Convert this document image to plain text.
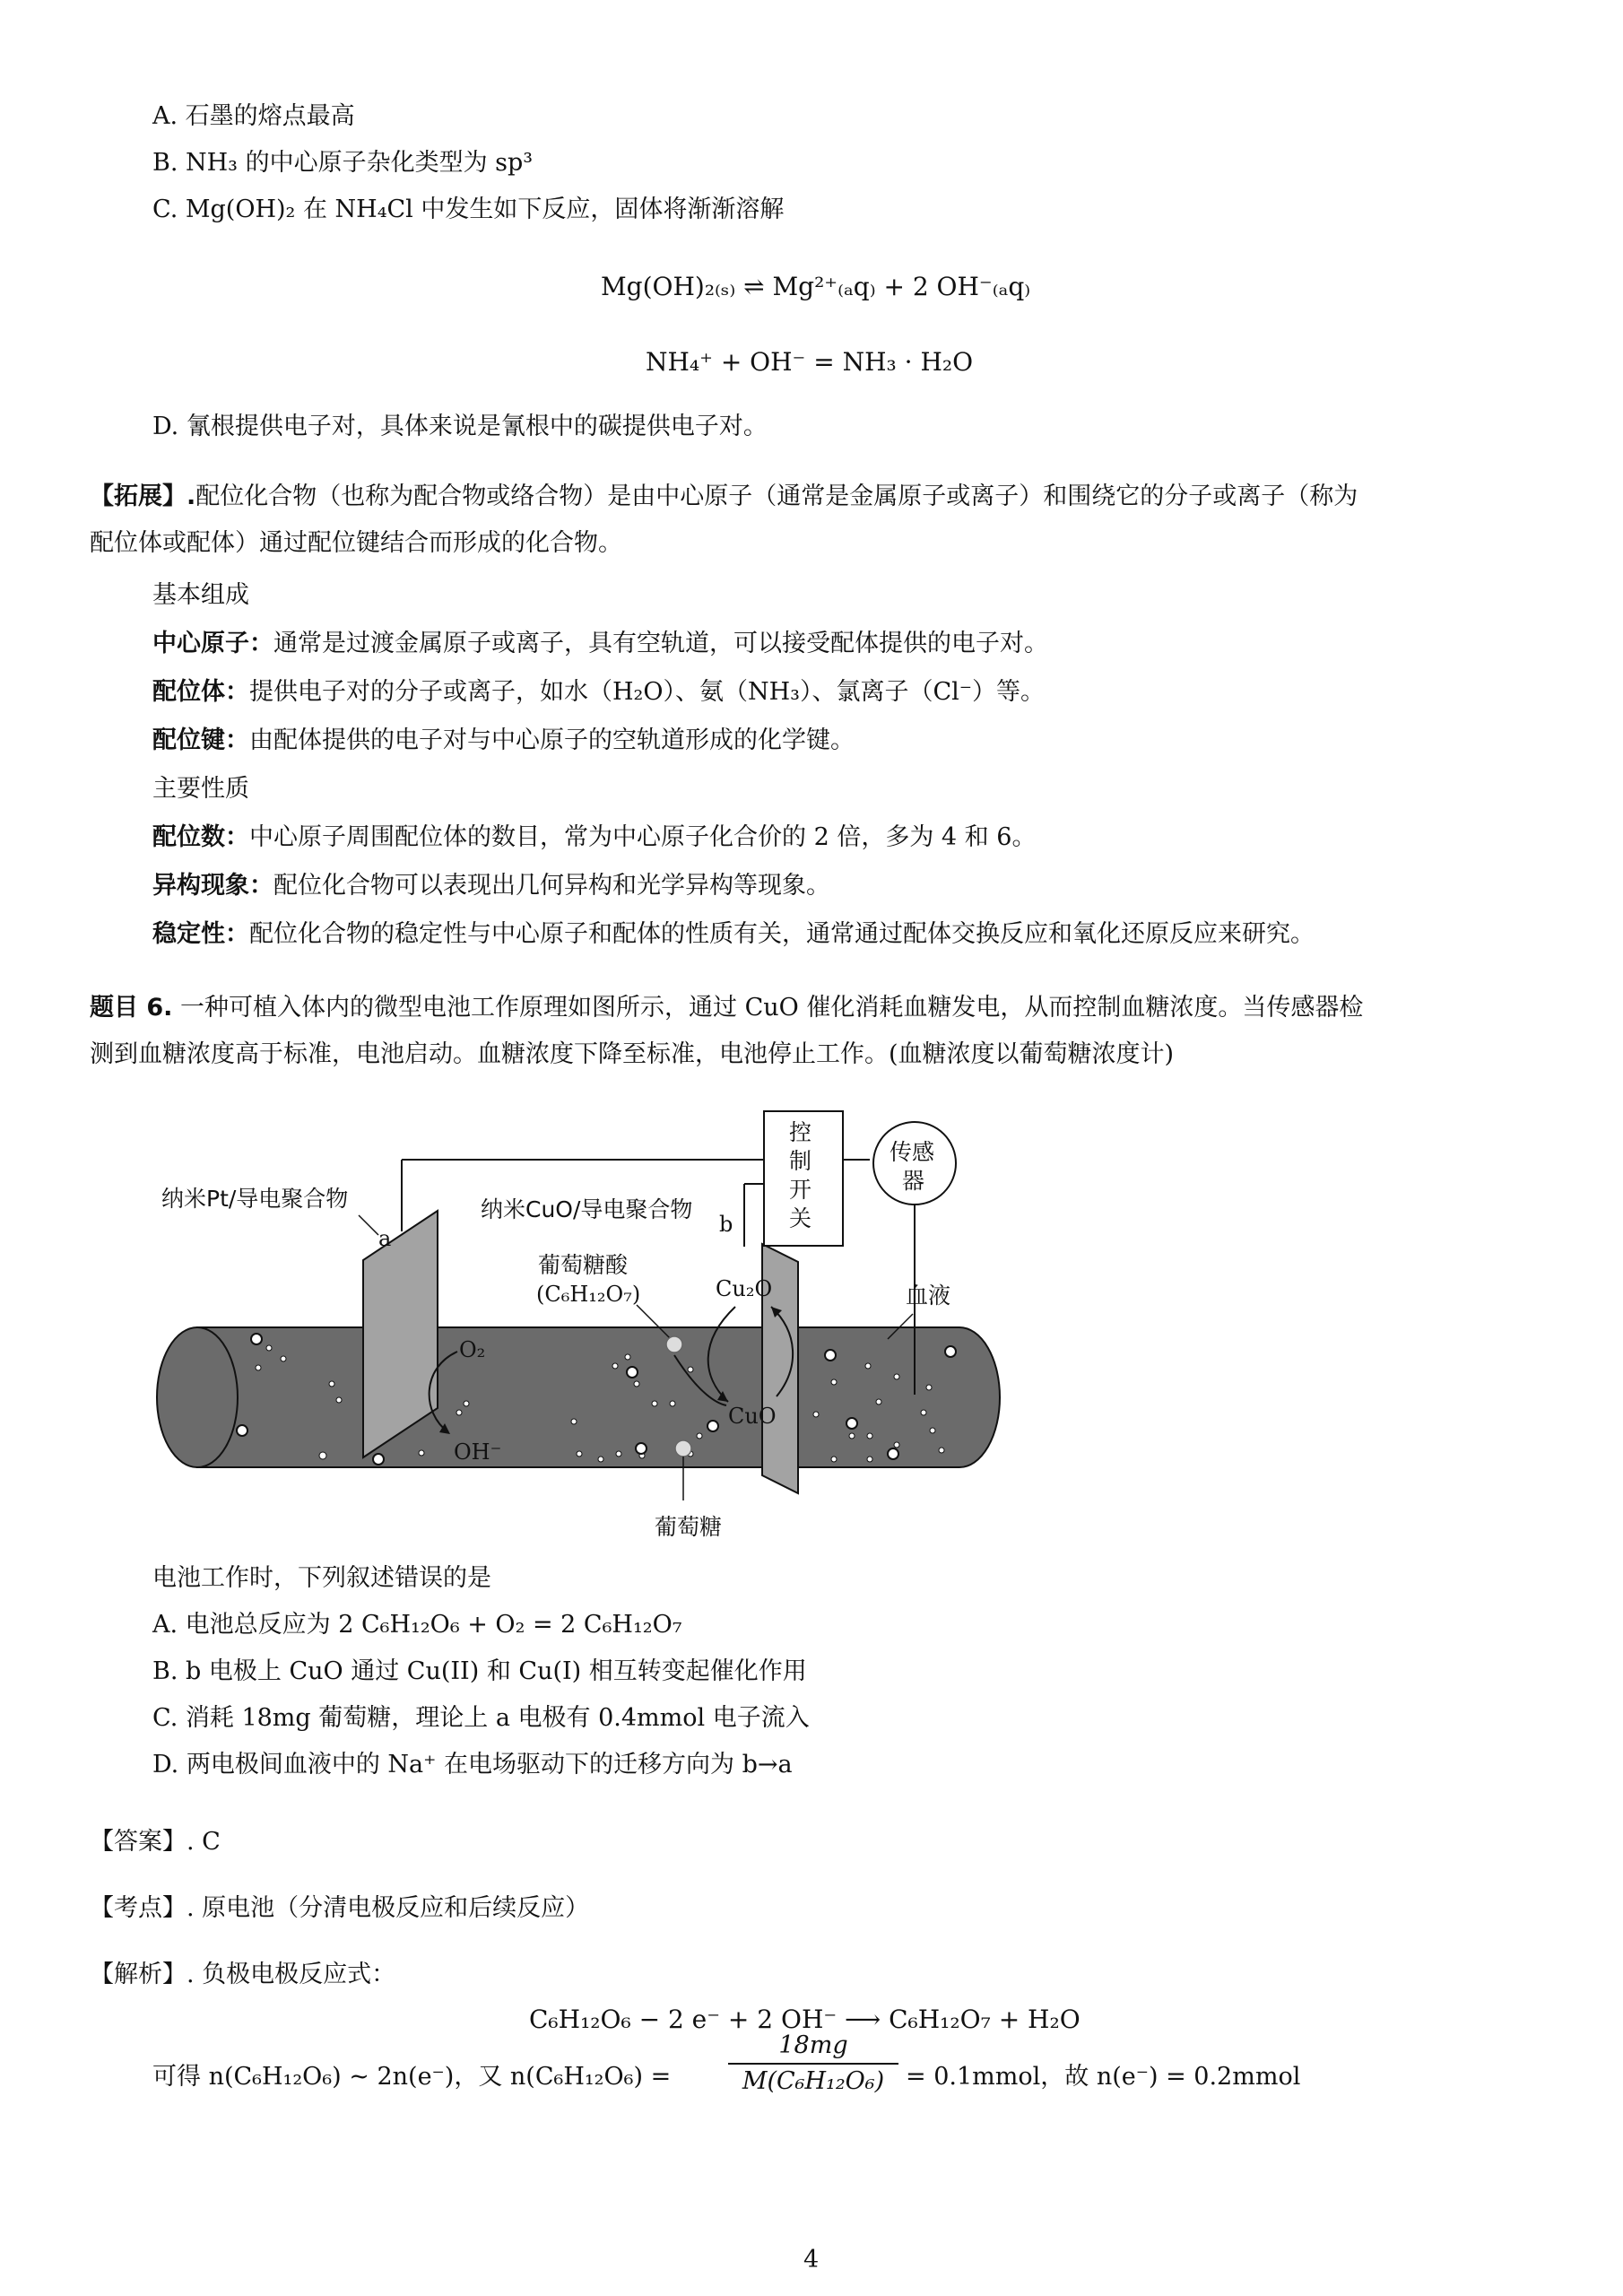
A. 石墨的熔点最高
B. NH₃ 的中心原子杂化类型为 sp³
C. Mg(OH)₂ 在 NH₄Cl 中发生如下反应，固体将渐渐溶解
Mg(OH)₂₍ₛ₎ ⇌ Mg²⁺₍ₐq₎ + 2 OH⁻₍ₐq₎
NH₄⁺ + OH⁻ = NH₃ · H₂O
D. 氰根提供电子对，具体来说是氰根中的碳提供电子对。
【拓展】.配位化合物（也称为配合物或络合物）是由中心原子（通常是金属原子或离子）和围绕它的分子或离子（称为
配位体或配体）通过配位键结合而形成的化合物。
基本组成
中心原子：通常是过渡金属原子或离子，具有空轨道，可以接受配体提供的电子对。
配位体：提供电子对的分子或离子，如水（H₂O）、氨（NH₃）、氯离子（Cl⁻）等。
配位键：由配体提供的电子对与中心原子的空轨道形成的化学键。
主要性质
配位数：中心原子周围配位体的数目，常为中心原子化合价的 2 倍，多为 4 和 6。
异构现象：配位化合物可以表现出几何异构和光学异构等现象。
稳定性：配位化合物的稳定性与中心原子和配体的性质有关，通常通过配体交换反应和氧化还原反应来研究。
题目 6. 一种可植入体内的微型电池工作原理如图所示，通过 CuO 催化消耗血糖发电，从而控制血糖浓度。当传感器检
测到血糖浓度高于标准，电池启动。血糖浓度下降至标准，电池停止工作。(血糖浓度以葡萄糖浓度计)
控
制
开
关
传感
器
纳米Pt/导电聚合物
a
纳米CuO/导电聚合物
b
葡萄糖酸
(C₆H₁₂O₇)	Cu₂O
CuO
葡萄糖
O₂
OH⁻
血液
电池工作时，下列叙述错误的是
A. 电池总反应为 2 C₆H₁₂O₆ + O₂ = 2 C₆H₁₂O₇
B. b 电极上 CuO 通过 Cu(II) 和 Cu(I) 相互转变起催化作用
C. 消耗 18mg 葡萄糖，理论上 a 电极有 0.4mmol 电子流入
D. 两电极间血液中的 Na⁺ 在电场驱动下的迁移方向为 b→a
【答案】. C
【考点】. 原电池（分清电极反应和后续反应）
【解析】. 负极电极反应式：
C₆H₁₂O₆ − 2 e⁻ + 2 OH⁻ ⟶ C₆H₁₂O₇ + H₂O
可得 n(C₆H₁₂O₆) ~ 2n(e⁻)，又 $n(C_6H_{12}O_6) = \frac{18mg}{\text{M(C₆H₁₂O₆)}}$ = 0.1mmol，故 n(e⁻) = 0.2mmol
4
